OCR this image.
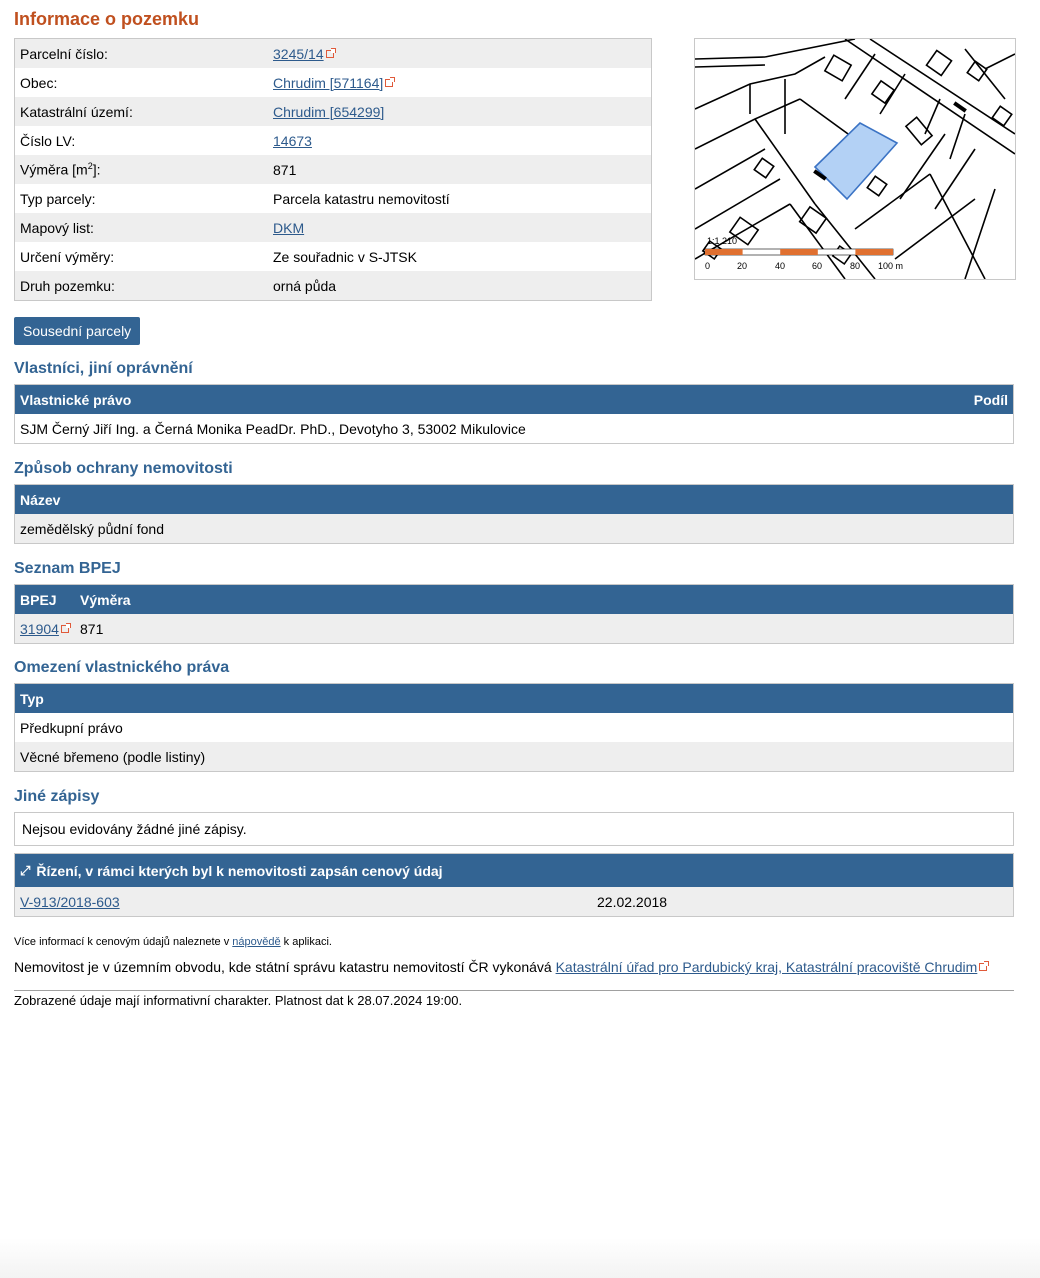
Informace o pozemku
Parcelní číslo:	3245/14
Obec:	Chrudim [571164]
Katastrální území:	Chrudim [654299]
Číslo LV:	14673
Výměra $[m^2]$:	871
Typ parcely:	Parcela katastru nemovitostí
Mapový list:	DKM
Určení výměry:	Ze souřadnic v S-JTSK
Druh pozemku:	orná půda
1:1 210
0	20	40	60	80 100 m
Sousední parcely
Vlastníci, jiní oprávnění
Vlastnické právo	Podíl
SJM Černý Jiří Ing. a Černá Monika PeadDr. PhD., Devotyho 3, 53002 Mikulovice
Způsob ochrany nemovitosti
Název
zemědělský půdní fond
Seznam BPEJ
BPEJ	Výměra
31904	871
Omezení vlastnického práva
Typ
Předkupní právo
Věcné břemeno (podle listiny)
Jiné zápisy
Nejsou evidovány žádné jiné zápisy.
⤢ Řízení, v rámci kterých byl k nemovitosti zapsán cenový údaj
V-913/2018-603	22.02.2018
Více informací k cenovým údajů naleznete v nápovědě k aplikaci.
Nemovitost je v územním obvodu, kde státní správu katastru nemovitostí ČR vykonává Katastrální úřad pro Pardubický kraj, Katastrální pracoviště Chrudim
Zobrazené údaje mají informativní charakter. Platnost dat k 28.07.2024 19:00.
